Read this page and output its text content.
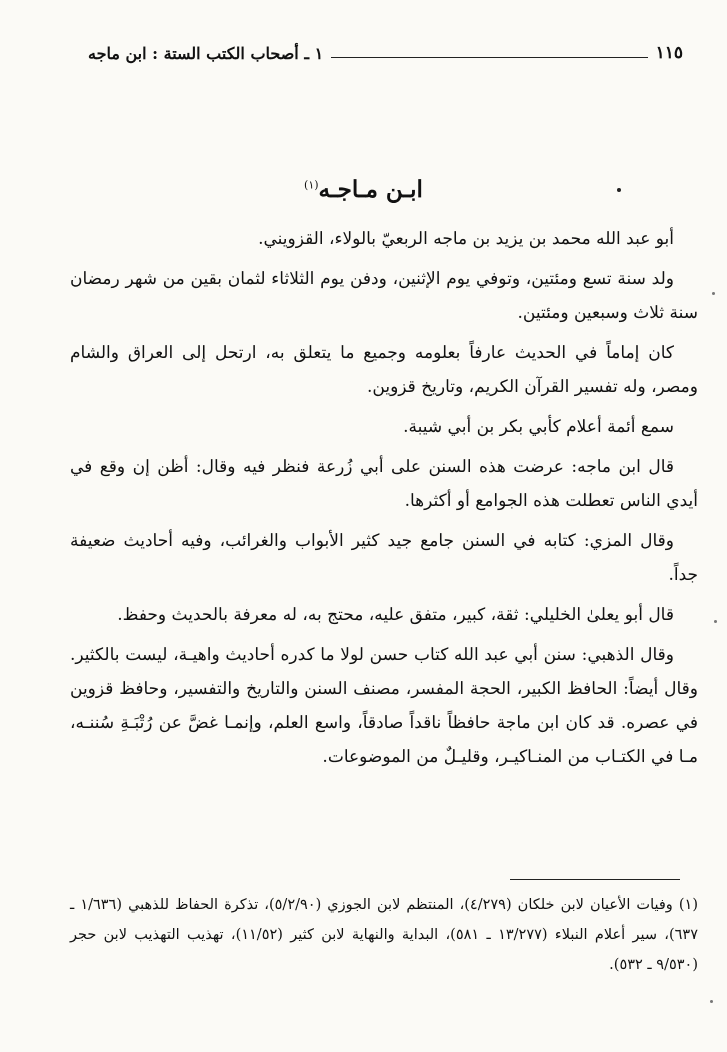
١١٥
١ ـ أصحاب الكتب الستة : ابن ماجه
ابـن مـاجـه$^{(١)}$

أبو عبد الله محمد بن يزيد بن ماجه الربعيّ بالولاء، القزويني.

ولد سنة تسع ومئتين، وتوفي يوم الإثنين، ودفن يوم الثلاثاء لثمان بقين من شهر رمضان سنة ثلاث وسبعين ومئتين.

كان إماماً في الحديث عارفاً بعلومه وجميع ما يتعلق به، ارتحل إلى العراق والشام ومصر، وله تفسير القرآن الكريم، وتاريخ قزوين.

سمع أئمة أعلام كأبي بكر بن أبي شيبة.

قال ابن ماجه: عرضت هذه السنن على أبي زُرعة فنظر فيه وقال: أظن إن وقع في أيدي الناس تعطلت هذه الجوامع أو أكثرها.

وقال المزي: كتابه في السنن جامع جيد كثير الأبواب والغرائب، وفيه أحاديث ضعيفة جداً.

قال أبو يعلىٰ الخليلي: ثقة، كبير، متفق عليه، محتج به، له معرفة بالحديث وحفظ.

وقال الذهبي: سنن أبي عبد الله كتاب حسن لولا ما كدره أحاديث واهيـة، ليست بالكثير. وقال أيضاً: الحافظ الكبير، الحجة المفسر، مصنف السنن والتاريخ والتفسير، وحافظ قزوين في عصره. قد كان ابن ماجة حافظاً ناقداً صادقاً، واسع العلم، وإنمـا غضَّ عن رُتْبَـةِ سُننـه، مـا في الكتـاب من المنـاكيـر، وقليـلٌ من الموضوعات.

(١) وفيات الأعيان لابن خلكان (٤/٢٧٩)، المنتظم لابن الجوزي (٥/٢/٩٠)، تذكرة الحفاظ للذهبي (١/٦٣٦ ـ ٦٣٧)، سير أعلام النبلاء (١٣/٢٧٧ ـ ٥٨١)، البداية والنهاية لابن كثير (١١/٥٢)، تهذيب التهذيب لابن حجر (٩/٥٣٠ ـ ٥٣٢).
